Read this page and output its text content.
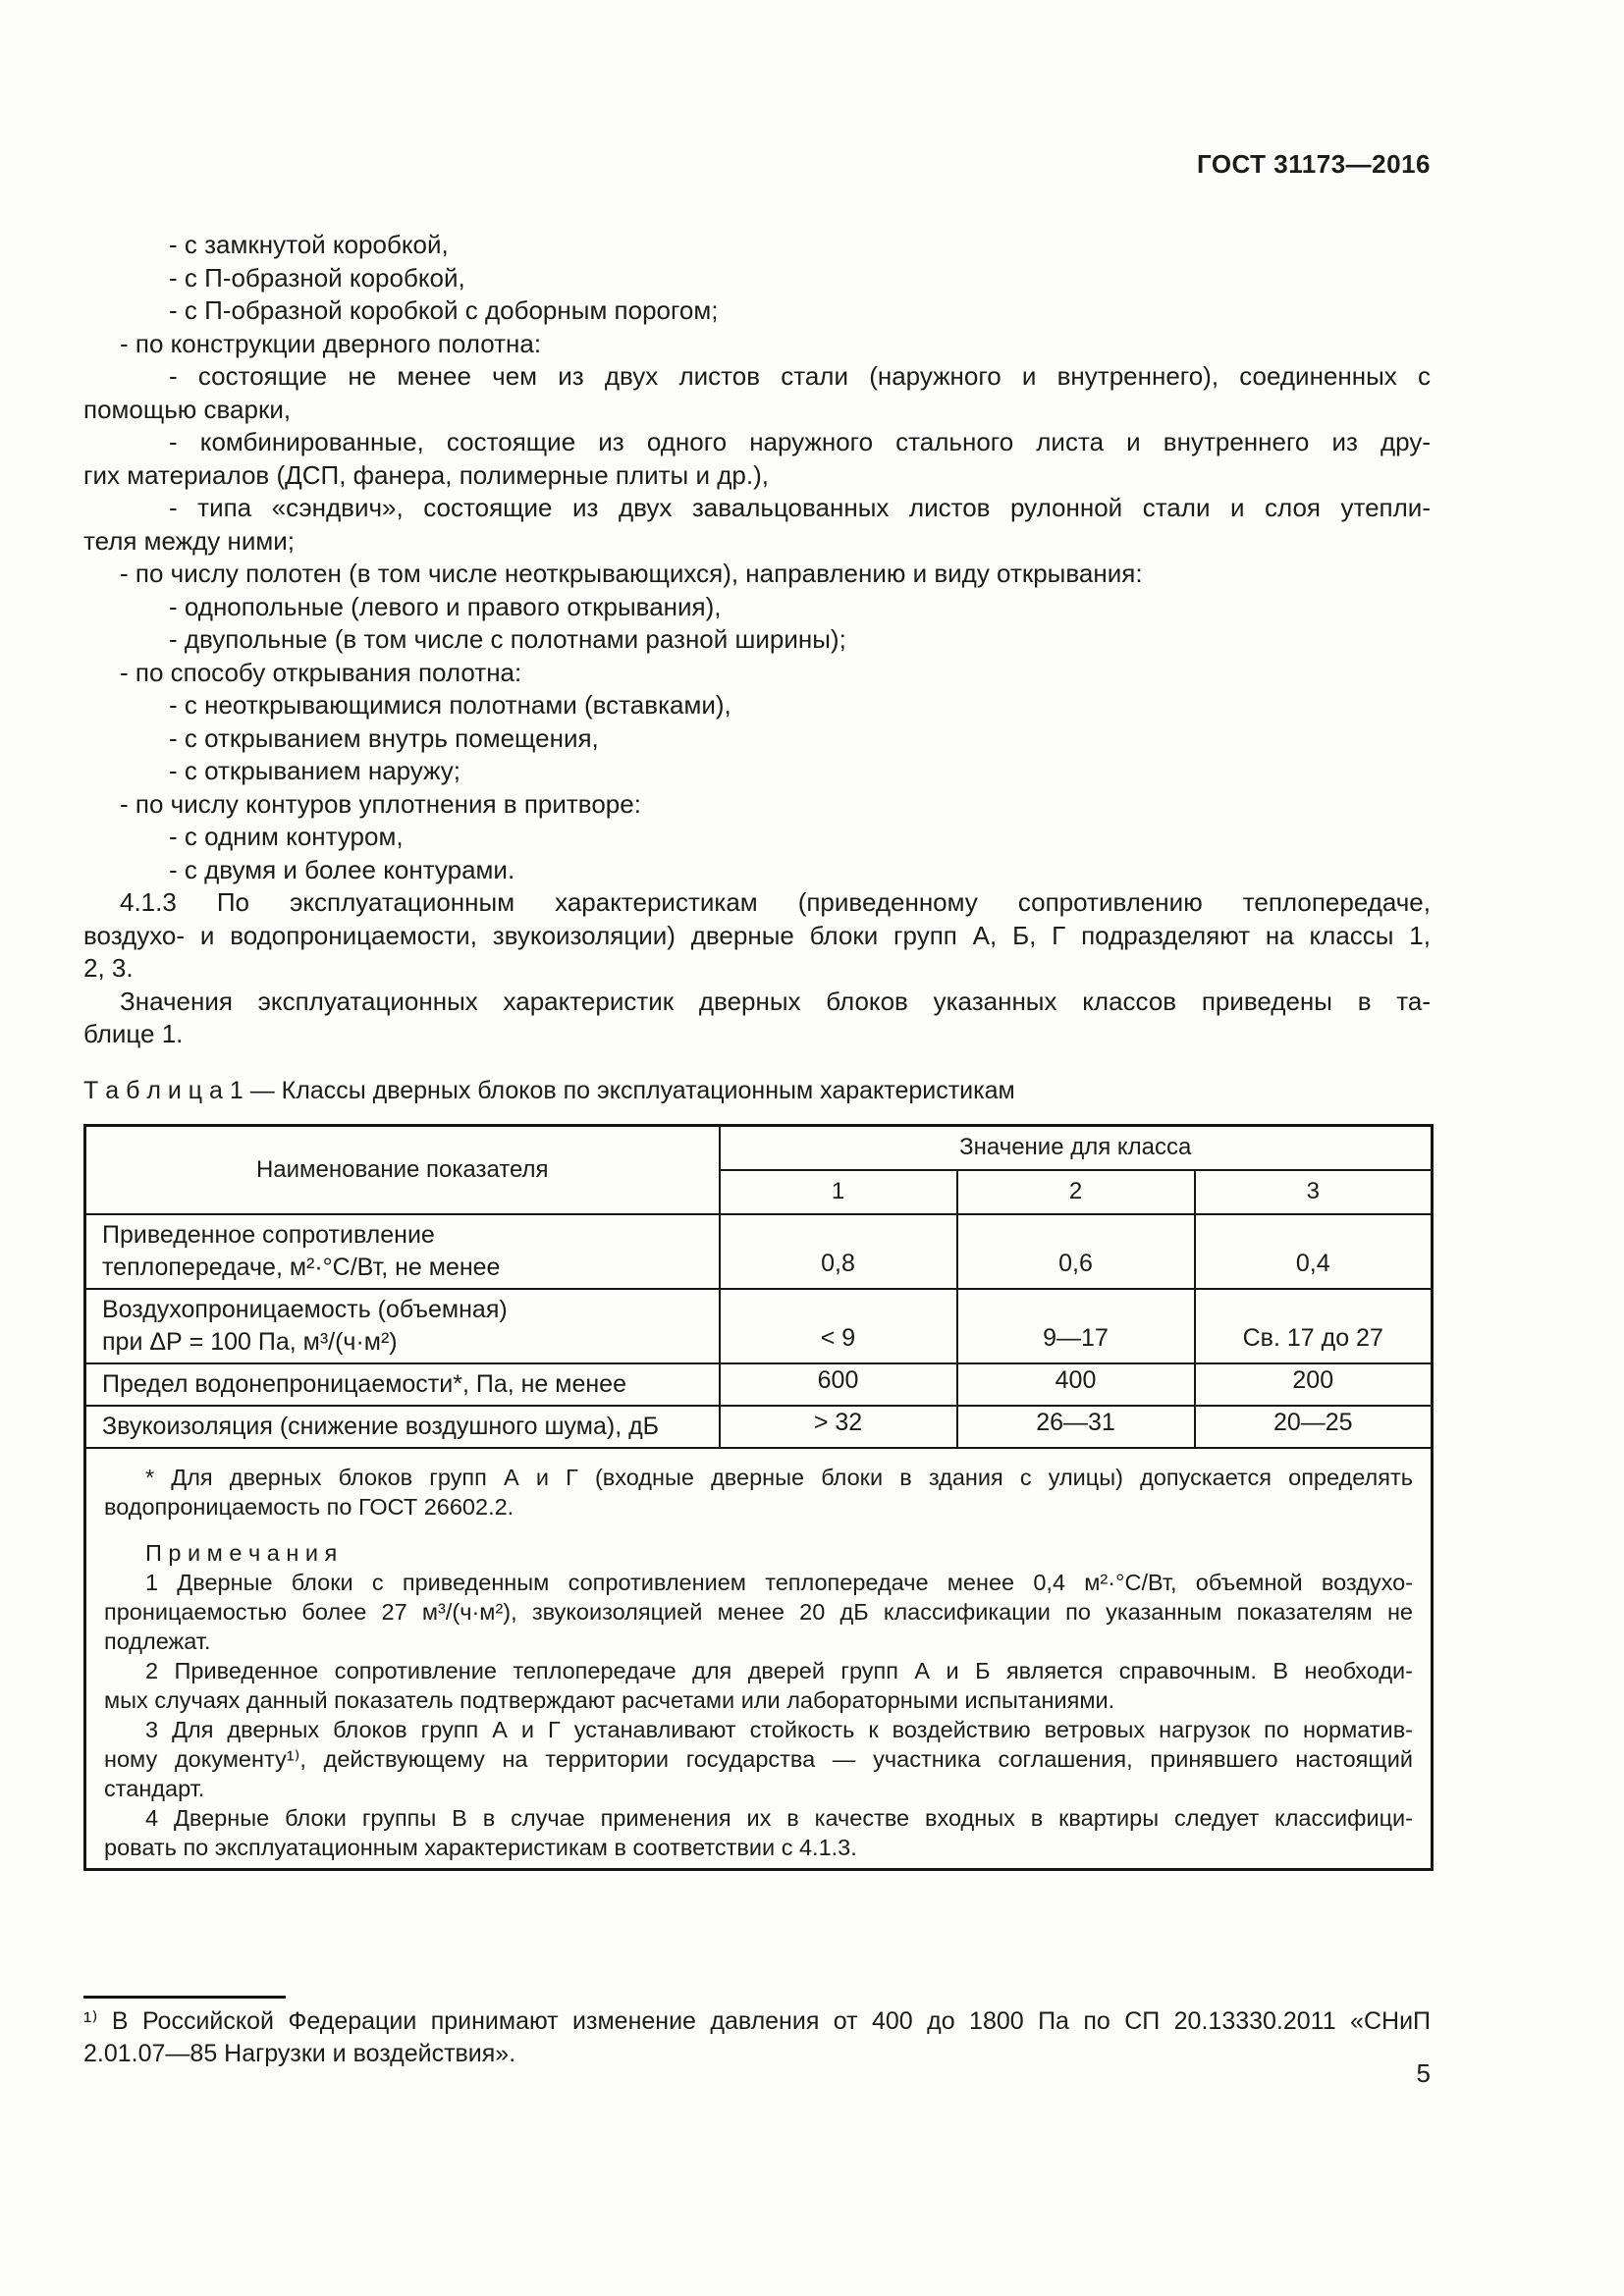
ГОСТ 31173—2016
- с замкнутой коробкой,
- с П-образной коробкой,
- с П-образной коробкой с доборным порогом;
- по конструкции дверного полотна:
- состоящие не менее чем из двух листов стали (наружного и внутреннего), соединенных с
помощью сварки,
- комбинированные, состоящие из одного наружного стального листа и внутреннего из дру-
гих материалов (ДСП, фанера, полимерные плиты и др.),
- типа «сэндвич», состоящие из двух завальцованных листов рулонной стали и слоя утепли-
теля между ними;
- по числу полотен (в том числе неоткрывающихся), направлению и виду открывания:
- однопольные (левого и правого открывания),
- двупольные (в том числе с полотнами разной ширины);
- по способу открывания полотна:
- с неоткрывающимися полотнами (вставками),
- с открыванием внутрь помещения,
- с открыванием наружу;
- по числу контуров уплотнения в притворе:
- с одним контуром,
- с двумя и более контурами.
4.1.3 По эксплуатационным характеристикам (приведенному сопротивлению теплопередаче,
воздухо- и водопроницаемости, звукоизоляции) дверные блоки групп А, Б, Г подразделяют на классы 1,
2, 3.
Значения эксплуатационных характеристик дверных блоков указанных классов приведены в та-
блице 1.
Т а б л и ц а 1 — Классы дверных блоков по эксплуатационным характеристикам
Наименование показателя	Значение для класса		
	1	2	3

Приведенное сопротивление
теплопередаче, м²·°С/Вт, не менее	0,8	0,6	0,4

Воздухопроницаемость (объемная)
при ΔР = 100 Па, м³/(ч·м²)	< 9	9—17	Св. 17 до 27

Предел водонепроницаемости*, Па, не менее	600	400	200

Звукоизоляция (снижение воздушного шума), дБ	> 32	26—31	20—25

* Для дверных блоков групп А и Г (входные дверные блоки в здания с улицы) допускается определять
водопроницаемость по ГОСТ 26602.2.
П р и м е ч а н и я
1 Дверные блоки с приведенным сопротивлением теплопередаче менее 0,4 м²·°С/Вт, объемной воздухо-
проницаемостью более 27 м³/(ч·м²), звукоизоляцией менее 20 дБ классификации по указанным показателям не
подлежат.
2 Приведенное сопротивление теплопередаче для дверей групп А и Б является справочным. В необходи-
мых случаях данный показатель подтверждают расчетами или лабораторными испытаниями.
3 Для дверных блоков групп А и Г устанавливают стойкость к воздействию ветровых нагрузок по норматив-
ному документу¹⁾, действующему на территории государства — участника соглашения, принявшего настоящий
стандарт.
4 Дверные блоки группы В в случае применения их в качестве входных в квартиры следует классифици-
ровать по эксплуатационным характеристикам в соответствии с 4.1.3.
¹⁾ В Российской Федерации принимают изменение давления от 400 до 1800 Па по СП 20.13330.2011 «СНиП
2.01.07—85 Нагрузки и воздействия».
5
